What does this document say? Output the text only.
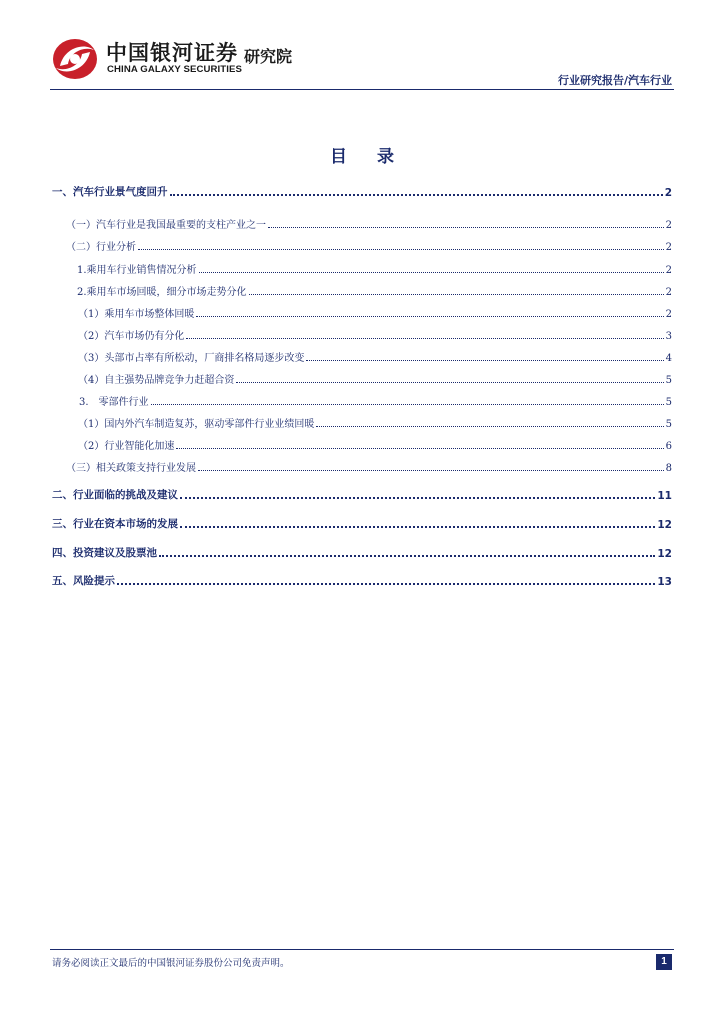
中国银河证券
CHINA GALAXY SECURITIES
研究院
行业研究报告/汽车行业
目 录
一、汽车行业景气度回升	2
（一）汽车行业是我国最重要的支柱产业之一	2
（二）行业分析	2
1.乘用车行业销售情况分析	2
2.乘用车市场回暖，细分市场走势分化	2
（1）乘用车市场整体回暖	2
（2）汽车市场仍有分化	3
（3）头部市占率有所松动，厂商排名格局逐步改变	4
（4）自主强势品牌竞争力赶超合资	5
3.　零部件行业	5
（1）国内外汽车制造复苏，驱动零部件行业业绩回暖	5
（2）行业智能化加速	6
（三）相关政策支持行业发展	8
二、行业面临的挑战及建议	11
三、行业在资本市场的发展	12
四、投资建议及股票池	12
五、风险提示	13
请务必阅读正文最后的中国银河证券股份公司免责声明。	1
